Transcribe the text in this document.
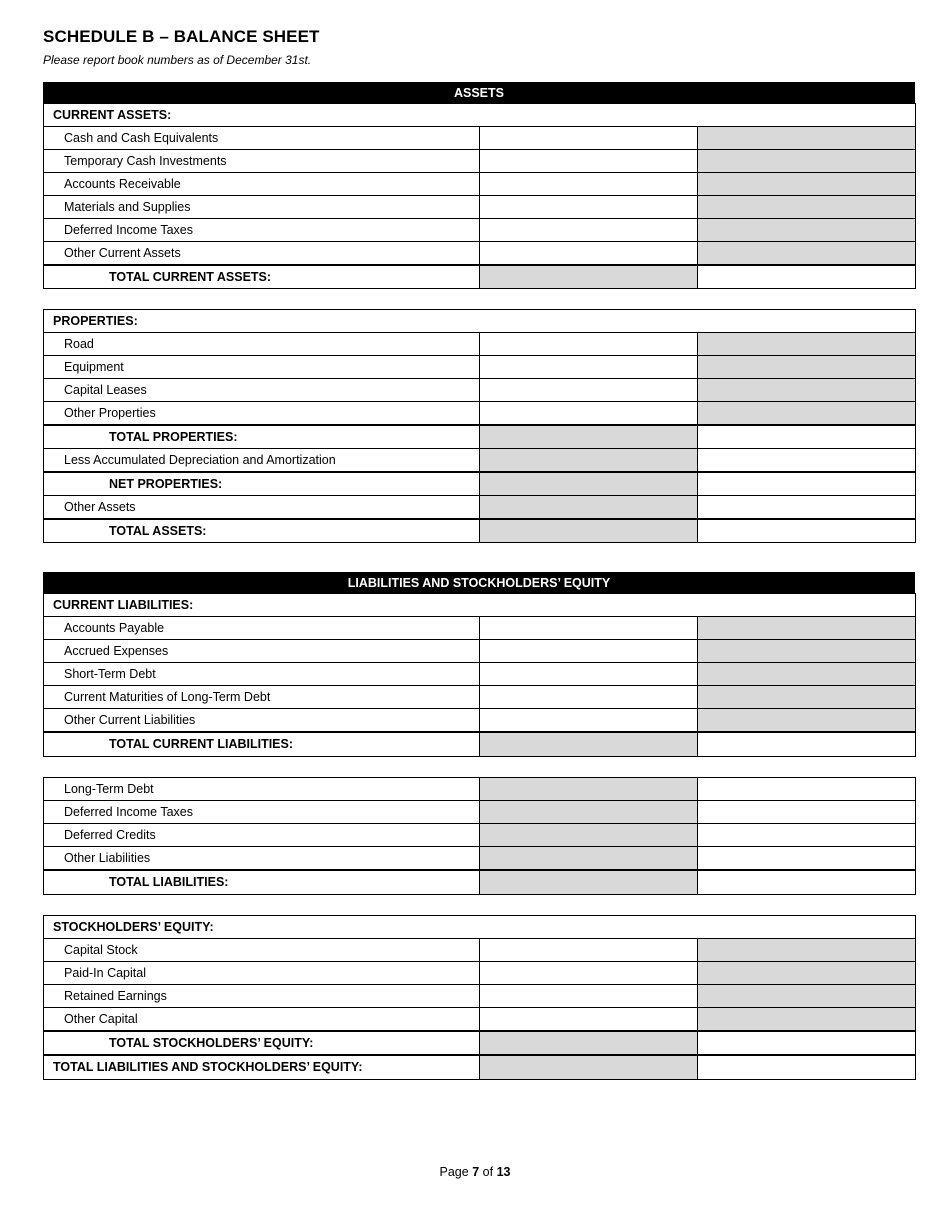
SCHEDULE B – BALANCE SHEET
Please report book numbers as of December 31st.
ASSETS
CURRENT ASSETS:		
Cash and Cash Equivalents		
Temporary Cash Investments		
Accounts Receivable		
Materials and Supplies		
Deferred Income Taxes		
Other Current Assets		
TOTAL CURRENT ASSETS:		
PROPERTIES:		
Road		
Equipment		
Capital Leases		
Other Properties		
TOTAL PROPERTIES:		
Less Accumulated Depreciation and Amortization		
NET PROPERTIES:		
Other Assets		
TOTAL ASSETS:		
LIABILITIES AND STOCKHOLDERS’ EQUITY
CURRENT LIABILITIES:		
Accounts Payable		
Accrued Expenses		
Short-Term Debt		
Current Maturities of Long-Term Debt		
Other Current Liabilities		
TOTAL CURRENT LIABILITIES:		
Long-Term Debt		
Deferred Income Taxes		
Deferred Credits		
Other Liabilities		
TOTAL LIABILITIES:		
STOCKHOLDERS’ EQUITY:		
Capital Stock		
Paid-In Capital		
Retained Earnings		
Other Capital		
TOTAL STOCKHOLDERS’ EQUITY:		
TOTAL LIABILITIES AND STOCKHOLDERS’ EQUITY:		
Page 7 of 13
